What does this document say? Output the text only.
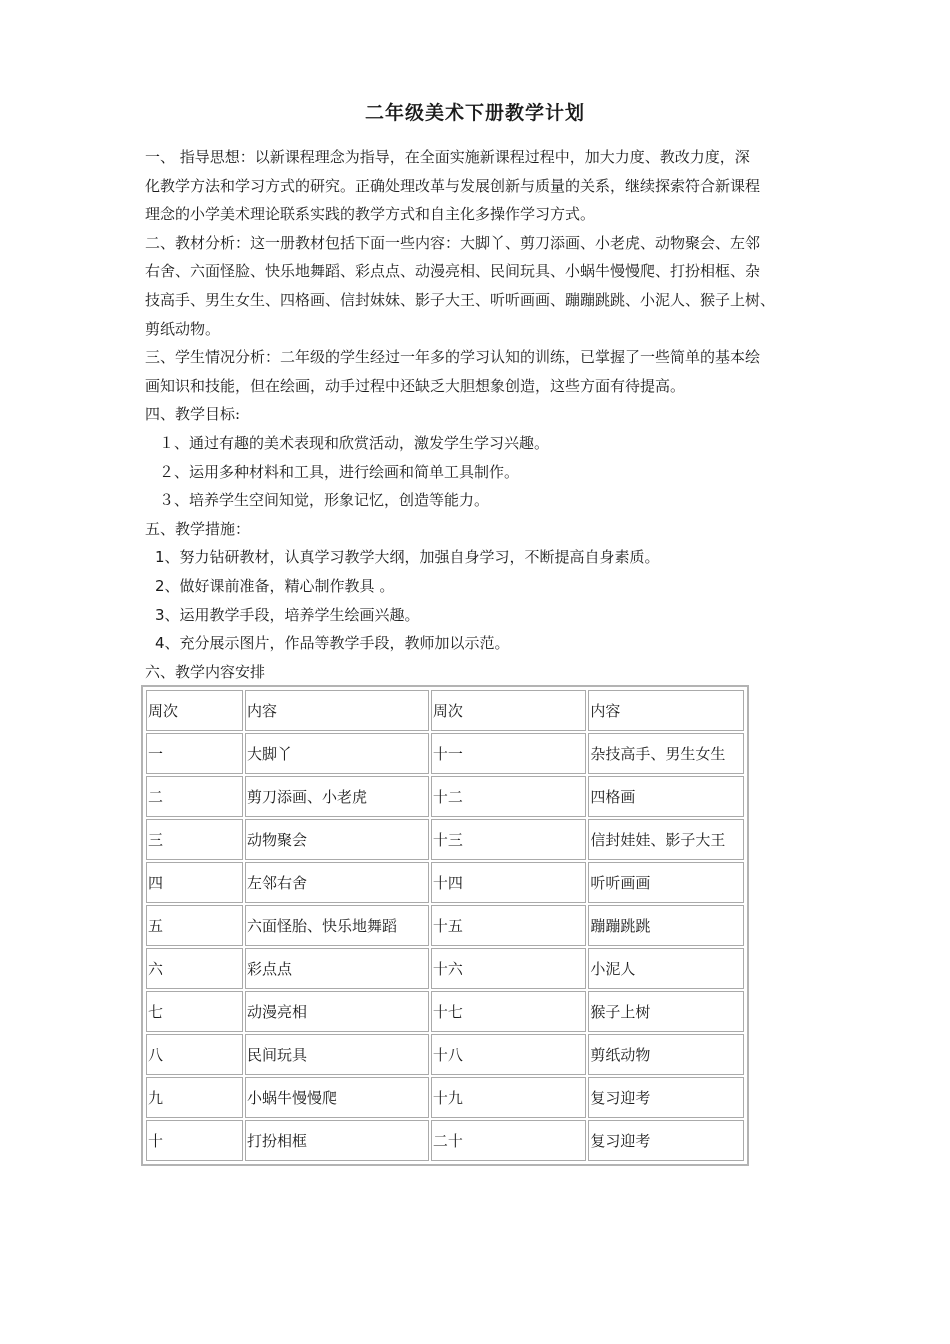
二年级美术下册教学计划

一、 指导思想：以新课程理念为指导，在全面实施新课程过程中，加大力度、教改力度，深

化教学方法和学习方式的研究。正确处理改革与发展创新与质量的关系，继续探索符合新课程

理念的小学美术理论联系实践的教学方式和自主化多操作学习方式。

二、教材分析：这一册教材包括下面一些内容：大脚丫、剪刀添画、小老虎、动物聚会、左邻

右舍、六面怪脸、快乐地舞蹈、彩点点、动漫亮相、民间玩具、小蜗牛慢慢爬、打扮相框、杂

技高手、男生女生、四格画、信封妹妹、影子大王、听听画画、蹦蹦跳跳、小泥人、猴子上树、

剪纸动物。

三、学生情况分析：二年级的学生经过一年多的学习认知的训练，已掌握了一些简单的基本绘

画知识和技能，但在绘画，动手过程中还缺乏大胆想象创造，这些方面有待提高。

四、教学目标:

１、通过有趣的美术表现和欣赏活动，激发学生学习兴趣。

２、运用多种材料和工具，进行绘画和简单工具制作。

３、培养学生空间知觉，形象记忆，创造等能力。

五、教学措施：

1、努力钻研教材，认真学习教学大纲，加强自身学习，不断提高自身素质。

2、做好课前准备，精心制作教具 。

3、运用教学手段，培养学生绘画兴趣。

4、充分展示图片，作品等教学手段，教师加以示范。

六、教学内容安排

周次	内容	周次	内容
一	大脚丫	十一	杂技高手、男生女生
二	剪刀添画、小老虎	十二	四格画
三	动物聚会	十三	信封娃娃、影子大王
四	左邻右舍	十四	听听画画
五	六面怪胎、快乐地舞蹈	十五	蹦蹦跳跳
六	彩点点	十六	小泥人
七	动漫亮相	十七	猴子上树
八	民间玩具	十八	剪纸动物
九	小蜗牛慢慢爬	十九	复习迎考
十	打扮相框	二十	复习迎考
